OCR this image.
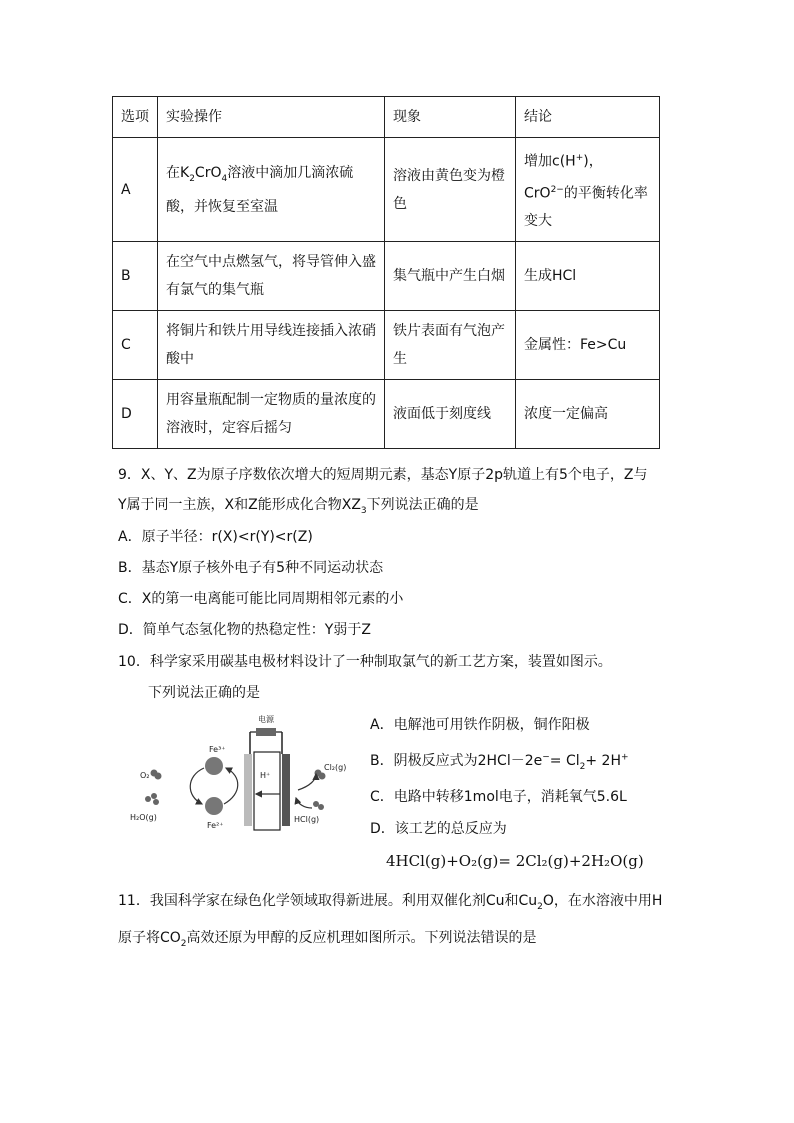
选项	实验操作	现象	结论
A	在$K_2CrO_4$溶液中滴加几滴浓硫酸，并恢复至室温	溶液由黄色变为橙色	增加c(H+)，CrO$^{2-}$的平衡转化率变大
B	在空气中点燃氢气，将导管伸入盛有氯气的集气瓶	集气瓶中产生白烟	生成HCl
C	将铜片和铁片用导线连接插入浓硝酸中	铁片表面有气泡产生	金属性：Fe>Cu
D	用容量瓶配制一定物质的量浓度的溶液时，定容后摇匀	液面低于刻度线	浓度一定偏高
9．X、Y、Z为原子序数依次增大的短周期元素，基态Y原子2p轨道上有5个电子，Z与
Y属于同一主族，X和Z能形成化合物$XZ_3$下列说法正确的是
A．原子半径：r(X)<r(Y)<r(Z)
B．基态Y原子核外电子有5种不同运动状态
C．X的第一电离能可能比同周期相邻元素的小
D．简单气态氢化物的热稳定性：Y弱于Z
10．科学家采用碳基电极材料设计了一种制取氯气的新工艺方案，装置如图示。
下列说法正确的是
电源
H⁺
Fe³⁺
Fe²⁺
O₂
H₂O(g)
Cl₂(g)
HCl(g)
A．电解池可用铁作阴极，铜作阳极
B．阴极反应式为$2HCl-2e^-= Cl_2+ 2H^+$
C．电路中转移1mol电子，消耗氧气5.6L
D．该工艺的总反应为
4HCl(g)+O₂(g)= 2Cl₂(g)+2H₂O(g)
11．我国科学家在绿色化学领域取得新进展。利用双催化剂Cu和$Cu_2O$，在水溶液中用H
原子将$CO_2$高效还原为甲醇的反应机理如图所示。下列说法错误的是
